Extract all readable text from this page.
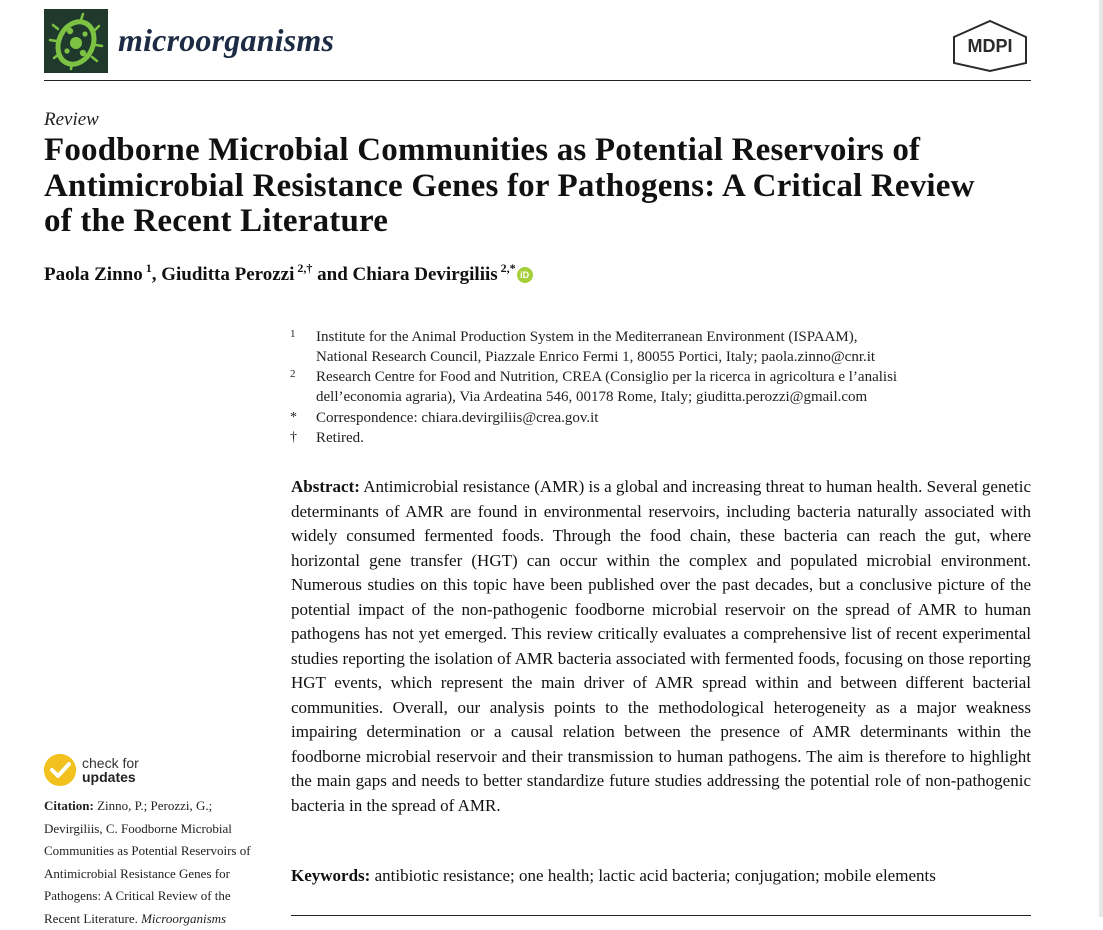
microorganisms	MDPI
Review
Foodborne Microbial Communities as Potential Reservoirs of Antimicrobial Resistance Genes for Pathogens: A Critical Review of the Recent Literature
Paola Zinno $^1$, Giuditta Perozzi $^{2,\dagger}$ and Chiara Devirgiliis $^{2,*}$ iD
1	Institute for the Animal Production System in the Mediterranean Environment (ISPAAM),
National Research Council, Piazzale Enrico Fermi 1, 80055 Portici, Italy; paola.zinno@cnr.it
2	Research Centre for Food and Nutrition, CREA (Consiglio per la ricerca in agricoltura e l’analisi
dell’economia agraria), Via Ardeatina 546, 00178 Rome, Italy; giuditta.perozzi@gmail.com
*	Correspondence: chiara.devirgiliis@crea.gov.it
†	Retired.
Abstract: Antimicrobial resistance (AMR) is a global and increasing threat to human health. Several genetic determinants of AMR are found in environmental reservoirs, including bacteria naturally associated with widely consumed fermented foods. Through the food chain, these bacteria can reach the gut, where horizontal gene transfer (HGT) can occur within the complex and populated microbial environment. Numerous studies on this topic have been published over the past decades, but a conclusive picture of the potential impact of the non-pathogenic foodborne microbial reservoir on the spread of AMR to human pathogens has not yet emerged. This review critically evaluates a comprehensive list of recent experimental studies reporting the isolation of AMR bacteria associated with fermented foods, focusing on those reporting HGT events, which represent the main driver of AMR spread within and between different bacterial communities. Overall, our analysis points to the methodological heterogeneity as a major weakness impairing determination or a causal relation between the presence of AMR determinants within the foodborne microbial reservoir and their transmission to human pathogens. The aim is therefore to highlight the main gaps and needs to better standardize future studies addressing the potential role of non-pathogenic bacteria in the spread of AMR.
Keywords: antibiotic resistance; one health; lactic acid bacteria; conjugation; mobile elements
check for
updates
Citation: Zinno, P.; Perozzi, G.; Devirgiliis, C. Foodborne Microbial Communities as Potential Reservoirs of Antimicrobial Resistance Genes for Pathogens: A Critical Review of the Recent Literature. Microorganisms
